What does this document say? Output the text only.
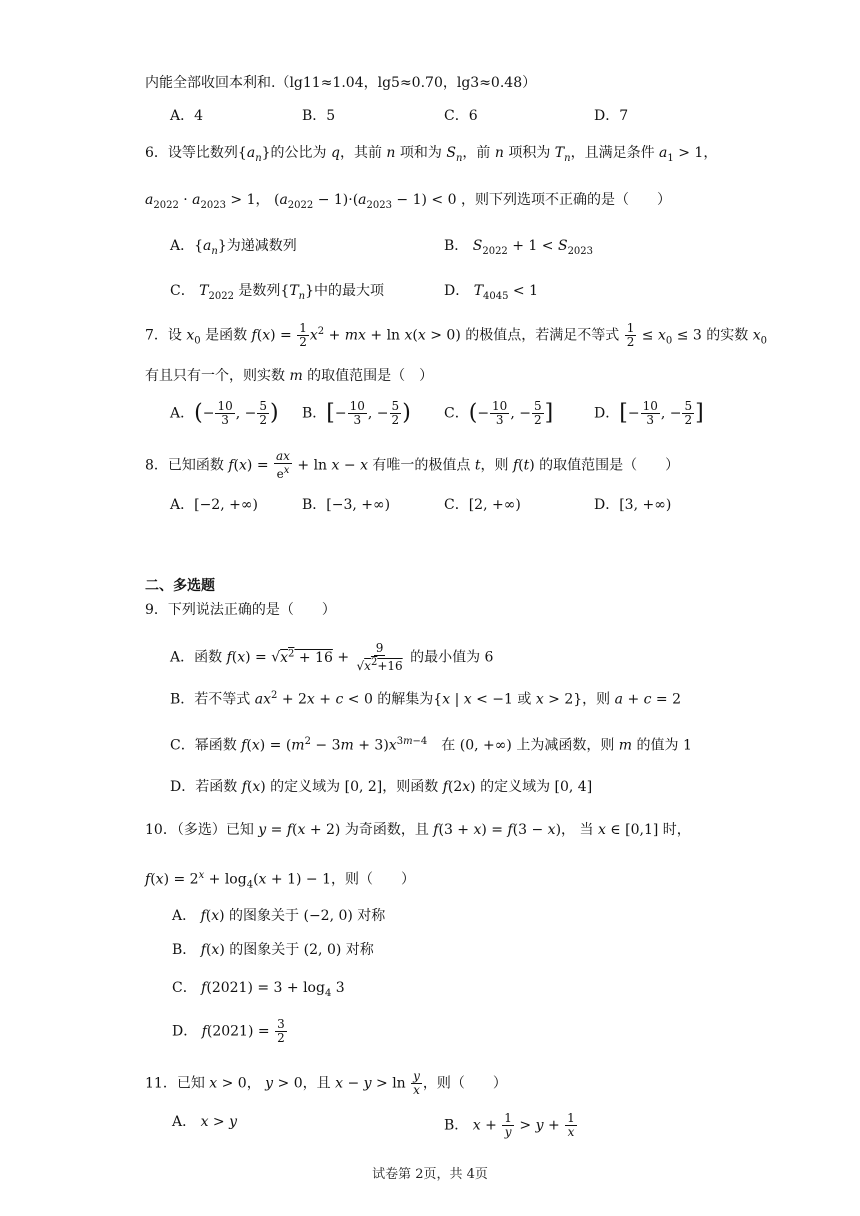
内能全部收回本利和.（lg11≈1.04，lg5≈0.70，lg3≈0.48）
A．4	B．5	C．6	D．7
6．设等比数列$\{a_n\}$的公比为 q，其前 n 项和为 $S_n$，前 n 项积为 $T_n$，且满足条件 $a_1 > 1$，
$a_{2022} \cdot a_{2023} > 1$， $(a_{2022} - 1)\cdot(a_{2023} - 1) < 0$ ，则下列选项不正确的是（　　）
A．$\{a_n\}$为递减数列	B． $S_{2022} + 1 < S_{2023}$
C． $T_{2022}$ 是数列$\{T_n\}$中的最大项	D． $T_{4045} < 1$
7．设 $x_0$ 是函数 $f(x) = \frac{1}{2} x^2$ + mx + ln x(x > 0) 的极值点，若满足不等式 $\frac{1}{2} \le x_0 \le 3$ 的实数 $x_0$
有且只有一个，则实数 m 的取值范围是（　）
A．(− $\frac{10}{3}$ , − $\frac{5}{2}$ ) B．[− $\frac{10}{3}$ , − $\frac{5}{2}$ ) C．(− $\frac{10}{3}$ , − $\frac{5}{2}$ ]	D．[− $\frac{10}{3}$ , − $\frac{5}{2}$ ]
8．已知函数 $f(x) = \frac{ax}{e^x} + \ln x - x$ 有唯一的极值点 t，则 f(t) 的取值范围是（　　）
A．[−2, +∞)	B．[−3, +∞)	C．[2, +∞)	D．[3, +∞)
二、多选题
9．下列说法正确的是（　　）
A．函数 $f(x) = √x^2 + 16 + \frac{9}{√x^2+16}$ 的最小值为 6
B．若不等式 $ax^2 + 2x + c < 0$ 的解集为{x | x < −1 或 x > 2}，则 a + c = 2
C．幂函数 $f(x) = (m^2 - 3m + 3)x^{3m-4}$　在 (0, +∞) 上为减函数，则 m 的值为 1
D．若函数 f(x) 的定义域为 [0, 2]，则函数 f(2x) 的定义域为 [0, 4]
10．（多选）已知 y = f(x + 2) 为奇函数，且 f(3 + x) = f(3 − x)， 当 x ∈ [0,1] 时，
$f(x) = 2^x + \log_4(x + 1) - 1$，则（　　）
A． f(x) 的图象关于 (−2, 0) 对称
B． f(x) 的图象关于 (2, 0) 对称
C． $f(2021) = 3 + \log_4 3$
D． $f(2021) = \frac{3}{2}$
11．已知 x > 0， y > 0，且 $x - y > \ln \frac{y}{x}$ ，则（　　）
A． x > y	B． $x + \frac{1}{y} > y + \frac{1}{x}$
试卷第 2页，共 4页
